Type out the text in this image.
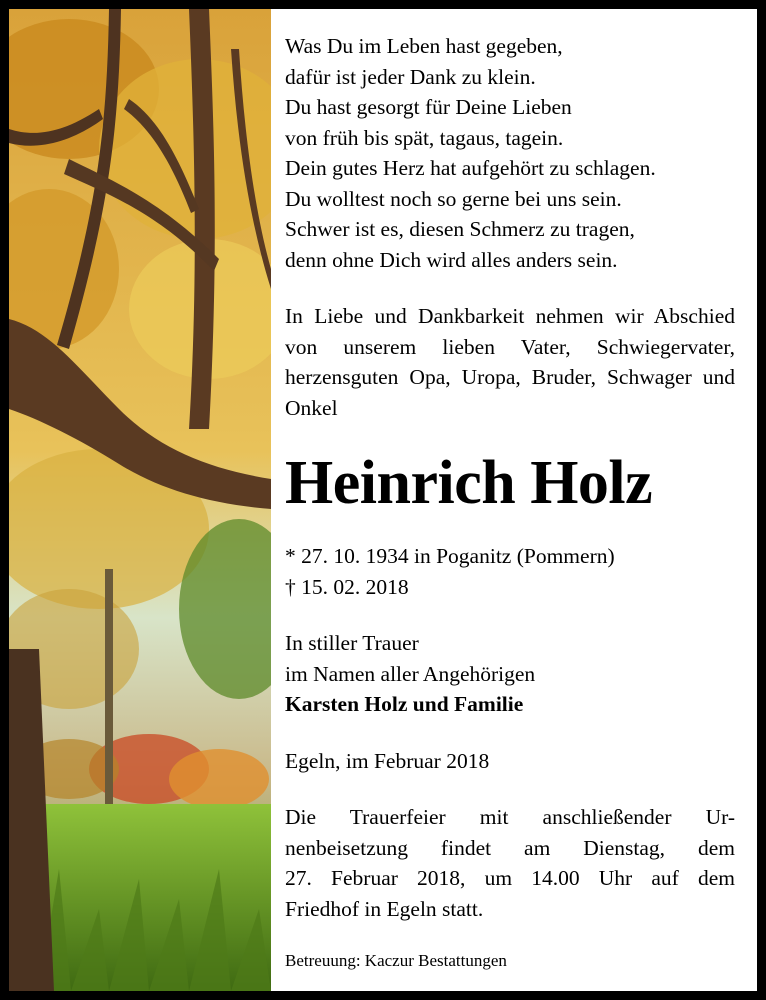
Was Du im Leben hast gegeben,
dafür ist jeder Dank zu klein.
Du hast gesorgt für Deine Lieben
von früh bis spät, tagaus, tagein.
Dein gutes Herz hat aufgehört zu schlagen.
Du wolltest noch so gerne bei uns sein.
Schwer ist es, diesen Schmerz zu tragen,
denn ohne Dich wird alles anders sein.
In Liebe und Dankbarkeit nehmen wir Abschied von unserem lieben Vater, Schwiegervater, herzensguten Opa, Uropa, Bruder, Schwager und Onkel
Heinrich Holz
* 27. 10. 1934 in Poganitz (Pommern)
† 15. 02. 2018
In stiller Trauer
im Namen aller Angehörigen
Karsten Holz und Familie
Egeln, im Februar 2018
Die Trauerfeier mit anschließender Ur-
nenbeisetzung findet am Dienstag, dem
27. Februar 2018, um 14.00 Uhr auf dem
Friedhof in Egeln statt.
Betreuung: Kaczur Bestattungen
